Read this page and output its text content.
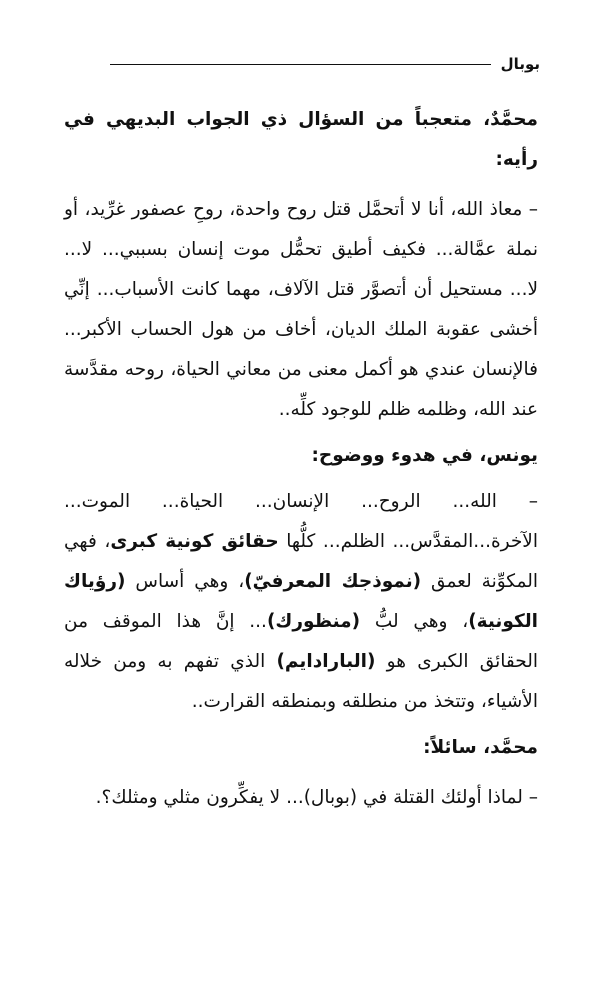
بوبال
محمَّدٌ، متعجباً من السؤال ذي الجواب البديهي في رأيه:
– معاذ الله، أنا لا أتحمَّل قتل روح واحدة، روحِ عصفور غرِّيد، أو نملة عمَّالة... فكيف أطيق تحمُّل موت إنسان بسببي... لا... لا... مستحيل أن أتصوَّر قتل الآلاف، مهما كانت الأسباب... إنِّي أخشى عقوبة الملك الديان، أخاف من هول الحساب الأكبر... فالإنسان عندي هو أكمل معنى من معاني الحياة، روحه مقدَّسة عند الله، وظلمه ظلم للوجود كلِّه..
يونس، في هدوء ووضوح:
– الله... الروح... الإنسان... الحياة... الموت... الآخرة...المقدَّس... الظلم... كلُّها حقائق كونية كبرى، فهي المكوِّنة لعمق (نموذجك المعرفيّ)، وهي أساس (رؤياك الكونية)، وهي لبُّ (منظورك)... إنَّ هذا الموقف من الحقائق الكبرى هو (البارادايم) الذي تفهم به ومن خلاله الأشياء، وتتخذ من منطلقه وبمنطقه القرارت..
محمَّد، سائلاً:
– لماذا أولئك القتلة في (بوبال)... لا يفكِّرون مثلي ومثلك؟.
